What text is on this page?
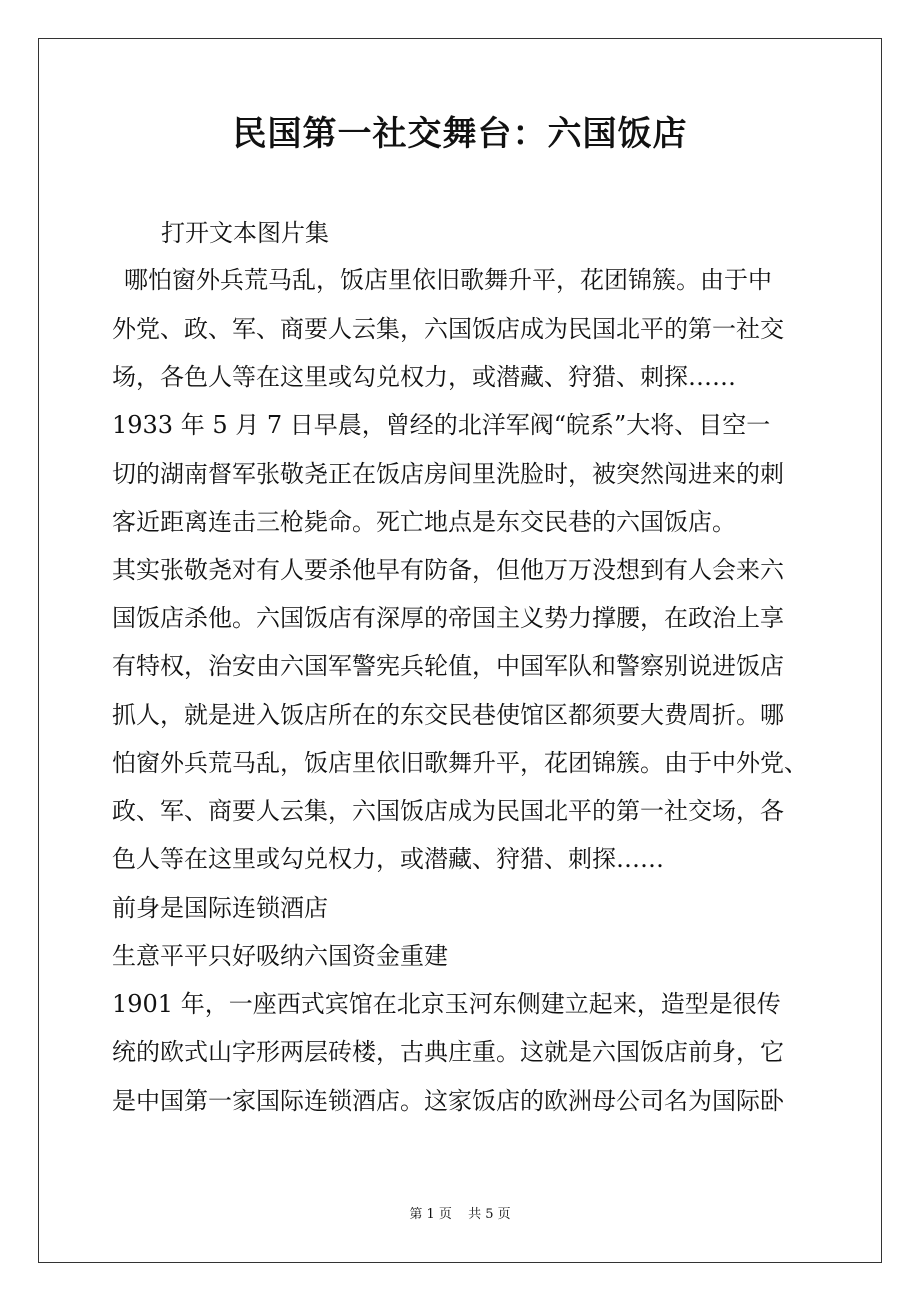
民国第一社交舞台：六国饭店
打开文本图片集
哪怕窗外兵荒马乱，饭店里依旧歌舞升平，花团锦簇。由于中
外党、政、军、商要人云集，六国饭店成为民国北平的第一社交
场，各色人等在这里或勾兑权力，或潜藏、狩猎、刺探……
1933 年 5 月 7 日早晨，曾经的北洋军阀“皖系”大将、目空一
切的湖南督军张敬尧正在饭店房间里洗脸时，被突然闯进来的刺
客近距离连击三枪毙命。死亡地点是东交民巷的六国饭店。
其实张敬尧对有人要杀他早有防备，但他万万没想到有人会来六
国饭店杀他。六国饭店有深厚的帝国主义势力撑腰，在政治上享
有特权，治安由六国军警宪兵轮值，中国军队和警察别说进饭店
抓人，就是进入饭店所在的东交民巷使馆区都须要大费周折。哪
怕窗外兵荒马乱，饭店里依旧歌舞升平，花团锦簇。由于中外党、
政、军、商要人云集，六国饭店成为民国北平的第一社交场，各
色人等在这里或勾兑权力，或潜藏、狩猎、刺探……
前身是国际连锁酒店
生意平平只好吸纳六国资金重建
1901 年，一座西式宾馆在北京玉河东侧建立起来，造型是很传
统的欧式山字形两层砖楼，古典庄重。这就是六国饭店前身，它
是中国第一家国际连锁酒店。这家饭店的欧洲母公司名为国际卧
第 1 页 共 5 页
